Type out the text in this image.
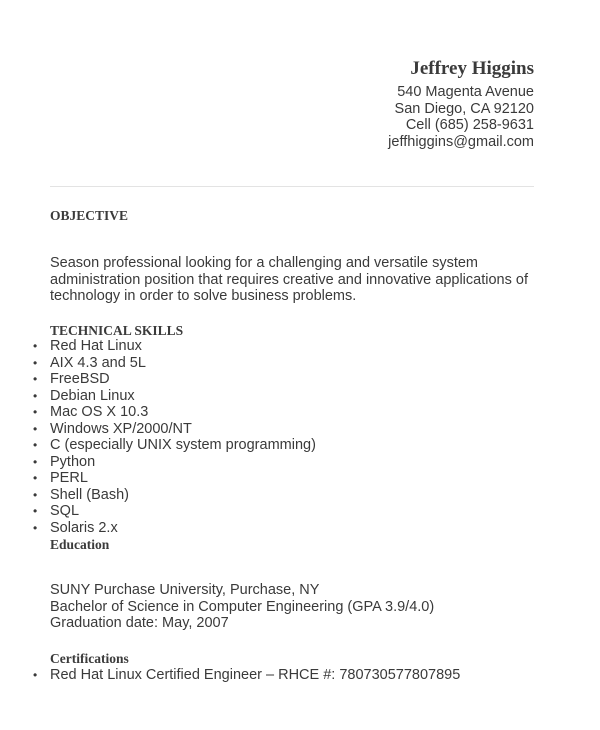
Jeffrey Higgins
540 Magenta Avenue
San Diego, CA 92120
Cell (685) 258-9631
jeffhiggins@gmail.com
OBJECTIVE
Season professional looking for a challenging and versatile system
administration position that requires creative and innovative applications of
technology in order to solve business problems.
TECHNICAL SKILLS
• Red Hat Linux
• AIX 4.3 and 5L
• FreeBSD
• Debian Linux
• Mac OS X 10.3
• Windows XP/2000/NT
• C (especially UNIX system programming)
• Python
• PERL
• Shell (Bash)
• SQL
• Solaris 2.x
Education
SUNY Purchase University, Purchase, NY
Bachelor of Science in Computer Engineering (GPA 3.9/4.0)
Graduation date: May, 2007
Certifications
• Red Hat Linux Certified Engineer – RHCE #: 780730577807895
